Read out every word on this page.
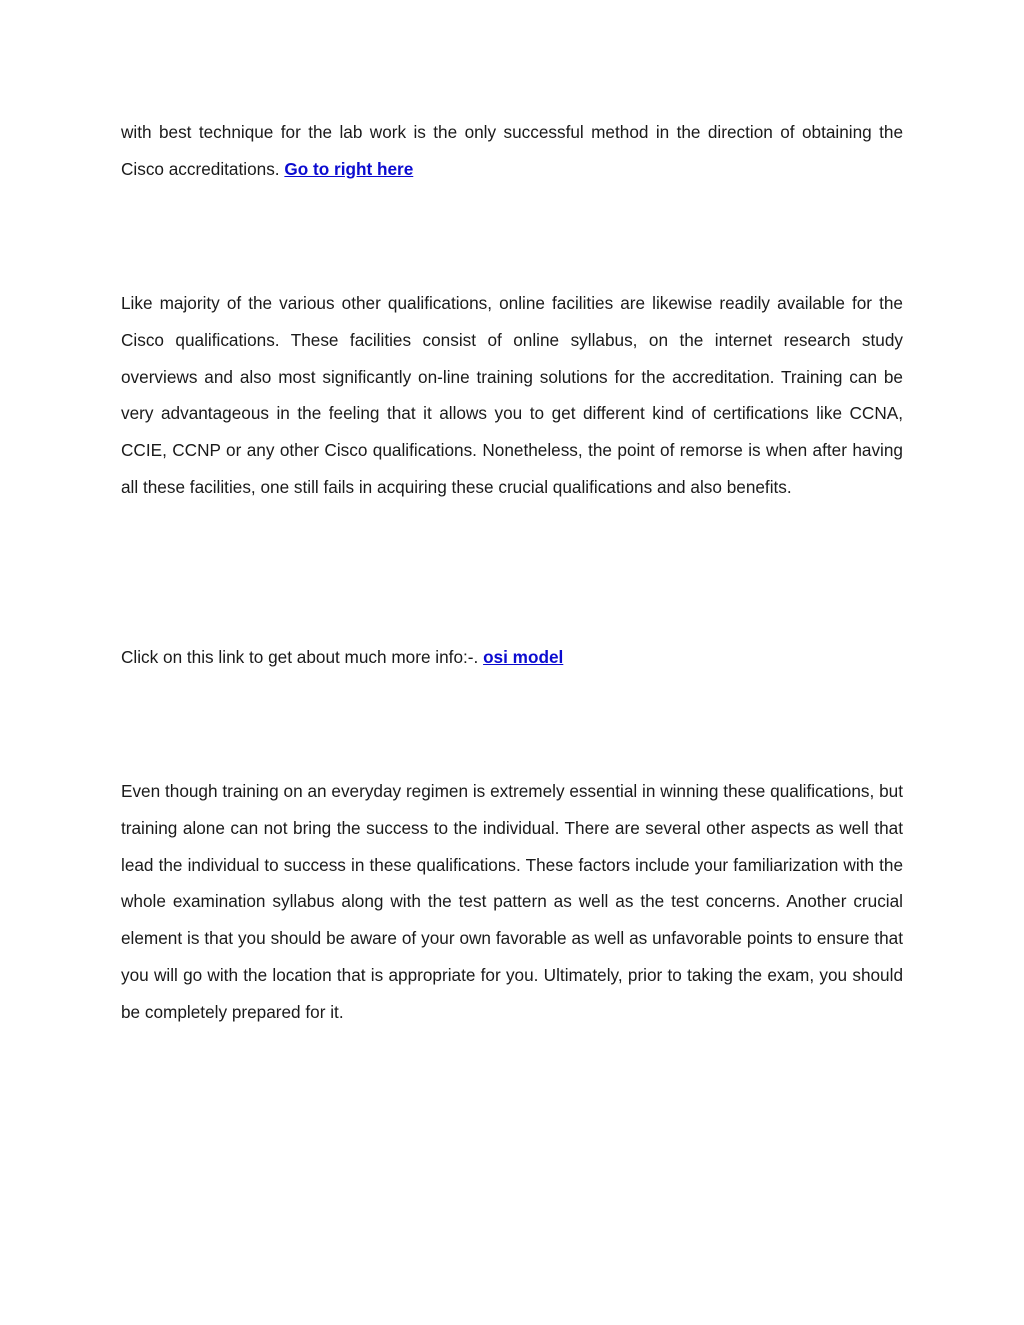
with best technique for the lab work is the only successful method in the direction of obtaining the Cisco accreditations. Go to right here

Like majority of the various other qualifications, online facilities are likewise readily available for the Cisco qualifications. These facilities consist of online syllabus, on the internet research study overviews and also most significantly on-line training solutions for the accreditation. Training can be very advantageous in the feeling that it allows you to get different kind of certifications like CCNA, CCIE, CCNP or any other Cisco qualifications. Nonetheless, the point of remorse is when after having all these facilities, one still fails in acquiring these crucial qualifications and also benefits.

Click on this link to get about much more info:-. osi model

Even though training on an everyday regimen is extremely essential in winning these qualifications, but training alone can not bring the success to the individual. There are several other aspects as well that lead the individual to success in these qualifications. These factors include your familiarization with the whole examination syllabus along with the test pattern as well as the test concerns. Another crucial element is that you should be aware of your own favorable as well as unfavorable points to ensure that you will go with the location that is appropriate for you. Ultimately, prior to taking the exam, you should be completely prepared for it.
